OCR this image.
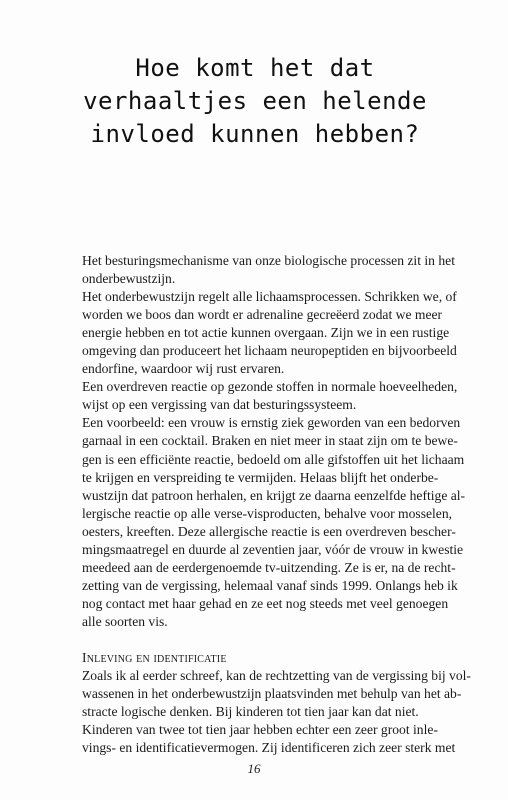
Hoe komt het dat
verhaaltjes een helende
invloed kunnen hebben?
Het besturingsmechanisme van onze biologische processen zit in het
onderbewustzijn.
Het onderbewustzijn regelt alle lichaamsprocessen. Schrikken we, of
worden we boos dan wordt er adrenaline gecreëerd zodat we meer
energie hebben en tot actie kunnen overgaan. Zijn we in een rustige
omgeving dan produceert het lichaam neuropeptiden en bijvoorbeeld
endorfine, waardoor wij rust ervaren.
Een overdreven reactie op gezonde stoffen in normale hoeveelheden,
wijst op een vergissing van dat besturingssysteem.
Een voorbeeld: een vrouw is ernstig ziek geworden van een bedorven
garnaal in een cocktail. Braken en niet meer in staat zijn om te bewe-
gen is een efficiënte reactie, bedoeld om alle gifstoffen uit het lichaam
te krijgen en verspreiding te vermijden. Helaas blijft het onderbe-
wustzijn dat patroon herhalen, en krijgt ze daarna eenzelfde heftige al-
lergische reactie op alle verse-visproducten, behalve voor mosselen,
oesters, kreeften. Deze allergische reactie is een overdreven bescher-
mingsmaatregel en duurde al zeventien jaar, vóór de vrouw in kwestie
meedeed aan de eerdergenoemde tv-uitzending. Ze is er, na de recht-
zetting van de vergissing, helemaal vanaf sinds 1999. Onlangs heb ik
nog contact met haar gehad en ze eet nog steeds met veel genoegen
alle soorten vis.
Inleving en identificatie
Zoals ik al eerder schreef, kan de rechtzetting van de vergissing bij vol-
wassenen in het onderbewustzijn plaatsvinden met behulp van het ab-
stracte logische denken. Bij kinderen tot tien jaar kan dat niet.
Kinderen van twee tot tien jaar hebben echter een zeer groot inle-
vings- en identificatievermogen. Zij identificeren zich zeer sterk met
16
